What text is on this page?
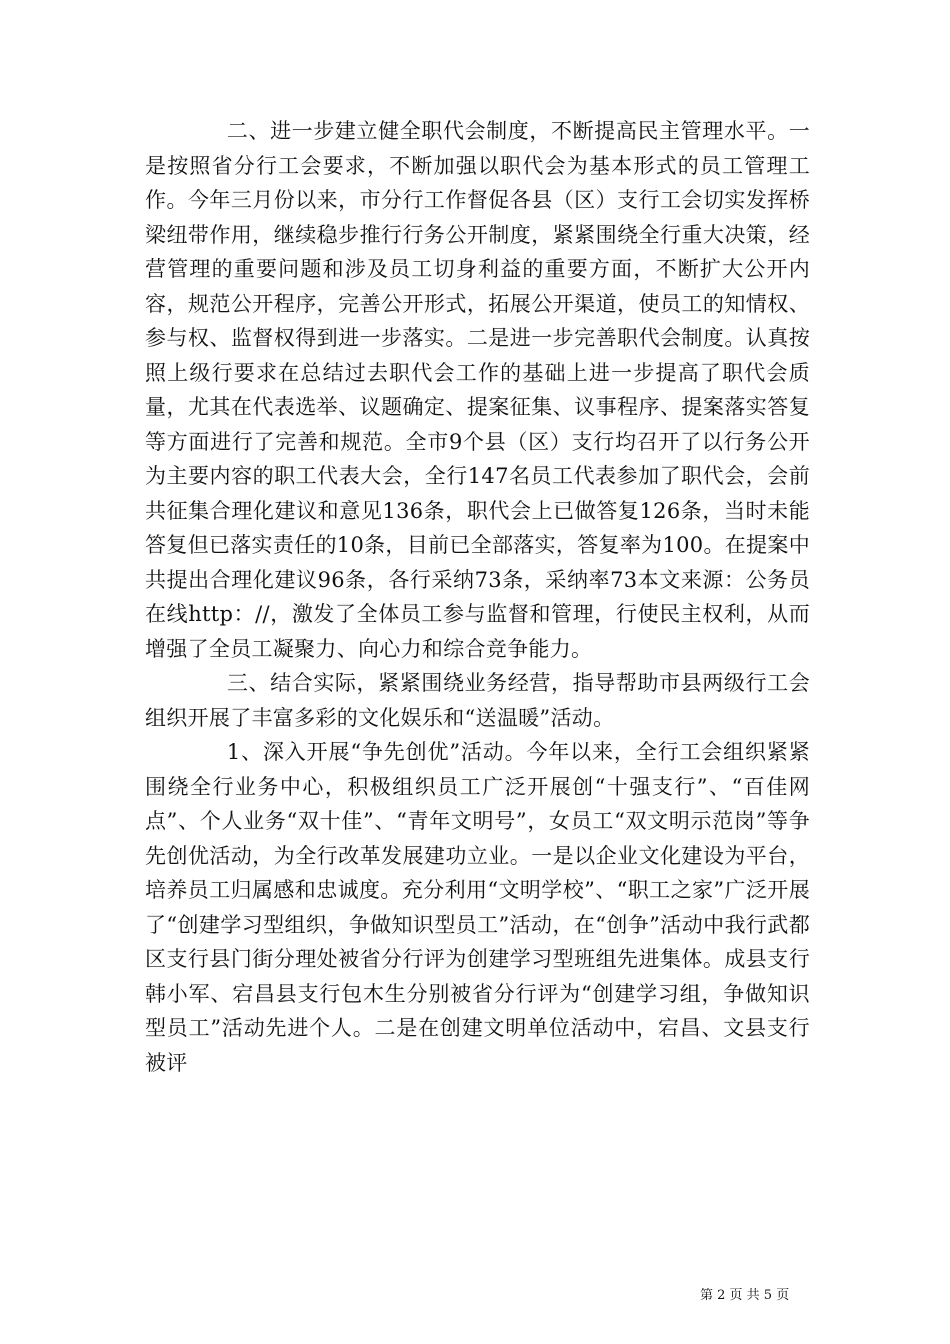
二、进一步建立健全职代会制度，不断提高民主管理水平。一是按照省分行工会要求，不断加强以职代会为基本形式的员工管理工作。今年三月份以来，市分行工作督促各县（区）支行工会切实发挥桥梁纽带作用，继续稳步推行行务公开制度，紧紧围绕全行重大决策，经营管理的重要问题和涉及员工切身利益的重要方面，不断扩大公开内容，规范公开程序，完善公开形式，拓展公开渠道，使员工的知情权、参与权、监督权得到进一步落实。二是进一步完善职代会制度。认真按照上级行要求在总结过去职代会工作的基础上进一步提高了职代会质量，尤其在代表选举、议题确定、提案征集、议事程序、提案落实答复等方面进行了完善和规范。全市9个县（区）支行均召开了以行务公开为主要内容的职工代表大会，全行147名员工代表参加了职代会，会前共征集合理化建议和意见136条，职代会上已做答复126条，当时未能答复但已落实责任的10条，目前已全部落实，答复率为100。在提案中共提出合理化建议96条，各行采纳73条，采纳率73本文来源：公务员在线http：//，激发了全体员工参与监督和管理，行使民主权利，从而增强了全员工凝聚力、向心力和综合竞争能力。

三、结合实际，紧紧围绕业务经营，指导帮助市县两级行工会组织开展了丰富多彩的文化娱乐和“送温暖”活动。

1、深入开展“争先创优”活动。今年以来，全行工会组织紧紧围绕全行业务中心，积极组织员工广泛开展创“十强支行”、“百佳网点”、个人业务“双十佳”、“青年文明号”，女员工“双文明示范岗”等争先创优活动，为全行改革发展建功立业。一是以企业文化建设为平台，培养员工归属感和忠诚度。充分利用“文明学校”、“职工之家”广泛开展了“创建学习型组织，争做知识型员工”活动，在“创争”活动中我行武都区支行县门街分理处被省分行评为创建学习型班组先进集体。成县支行韩小军、宕昌县支行包木生分别被省分行评为“创建学习组，争做知识型员工”活动先进个人。二是在创建文明单位活动中，宕昌、文县支行被评

第 2 页 共 5 页
